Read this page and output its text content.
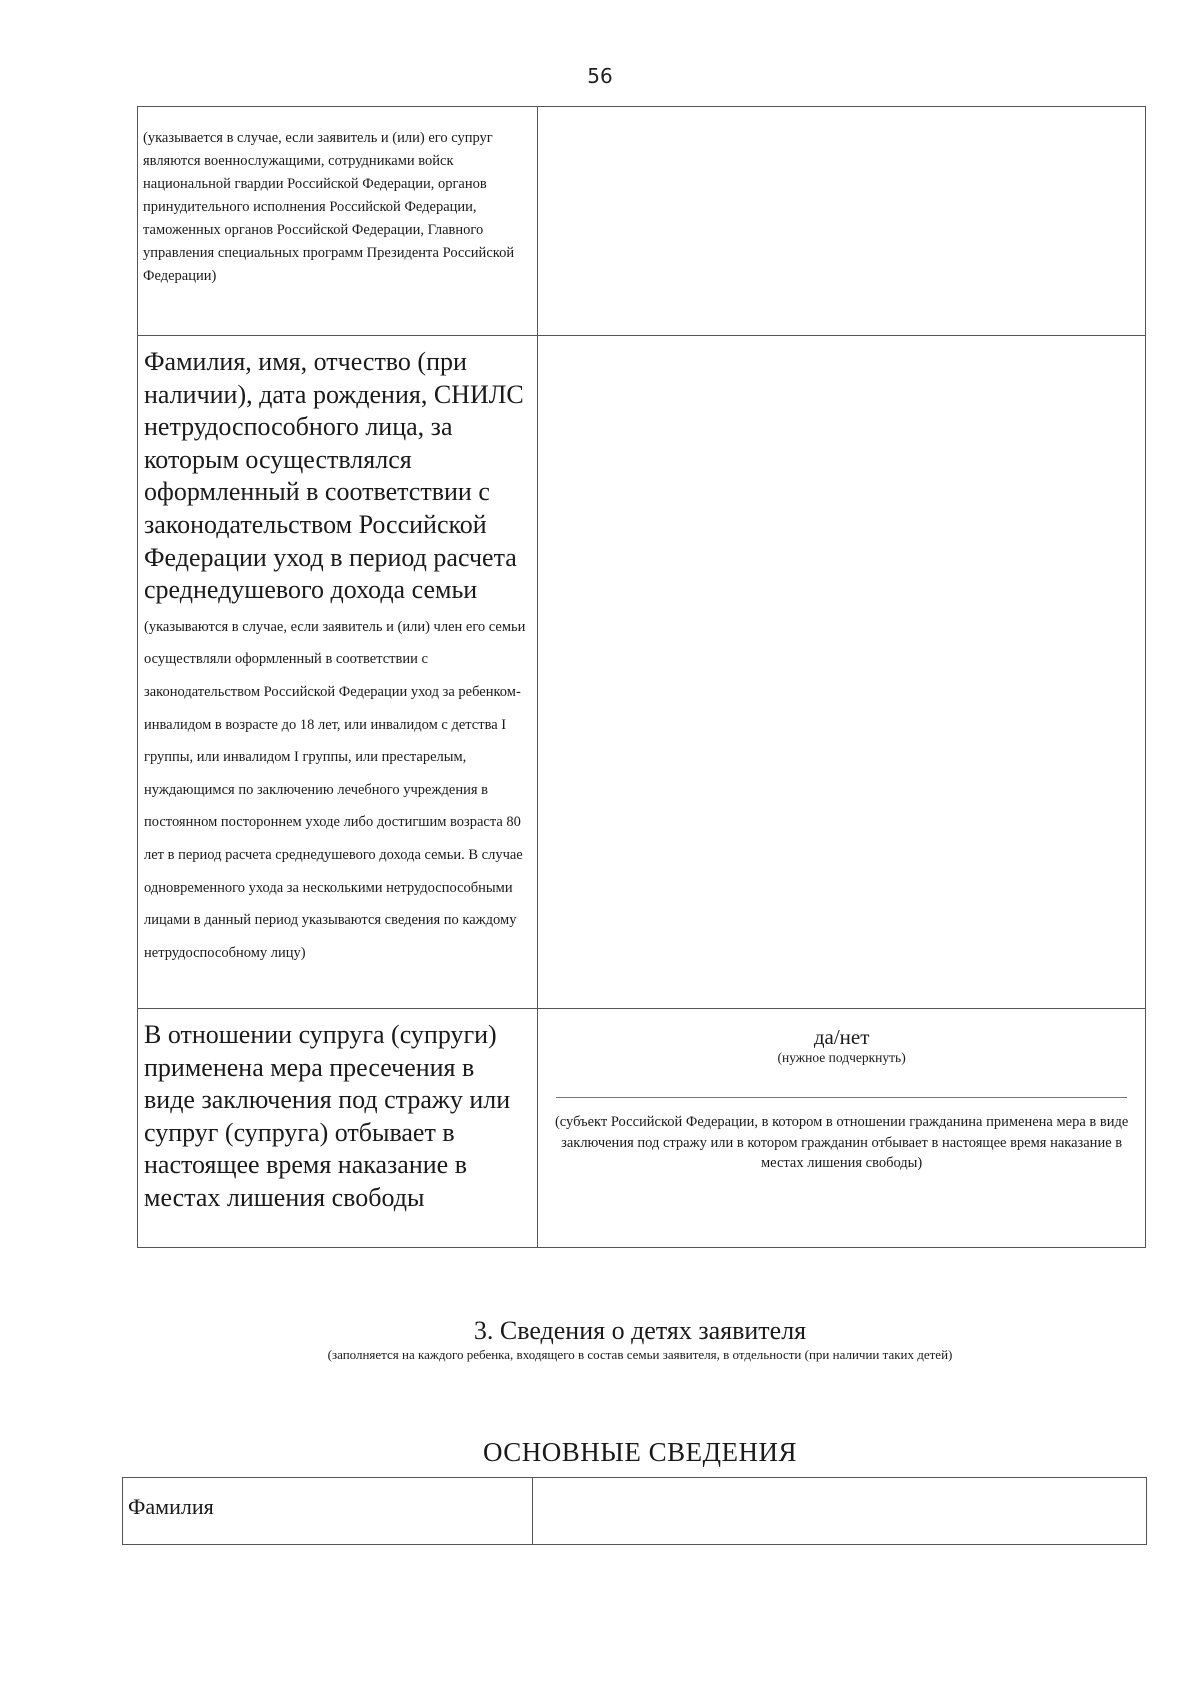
56
(указывается в случае, если заявитель и (или) его супруг являются военнослужащими, сотрудниками войск национальной гвардии Российской Федерации, органов принудительного исполнения Российской Федерации, таможенных органов Российской Федерации, Главного управления специальных программ Президента Российской Федерации)	

Фамилия, имя, отчество (при наличии), дата рождения, СНИЛС нетрудоспособного лица, за которым осуществлялся оформленный в соответствии с законодательством Российской Федерации уход в период расчета среднедушевого дохода семьи (указываются в случае, если заявитель и (или) член его семьи осуществляли оформленный в соответствии с законодательством Российской Федерации уход за ребенком-инвалидом в возрасте до 18 лет, или инвалидом с детства I группы, или инвалидом I группы, или престарелым, нуждающимся по заключению лечебного учреждения в постоянном постороннем уходе либо достигшим возраста 80 лет в период расчета среднедушевого дохода семьи. В случае одновременного ухода за несколькими нетрудоспособными лицами в данный период указываются сведения по каждому нетрудоспособному лицу)	

В отношении супруга (супруги) применена мера пресечения в виде заключения под стражу или супруг (супруга) отбывает в настоящее время наказание в местах лишения свободы	да/нет
(нужное подчеркнуть)
(субъект Российской Федерации, в котором в отношении гражданина применена мера в виде заключения под стражу или в котором гражданин отбывает в настоящее время наказание в местах лишения свободы)
3. Сведения о детях заявителя
(заполняется на каждого ребенка, входящего в состав семьи заявителя, в отдельности (при наличии таких детей)
ОСНОВНЫЕ СВЕДЕНИЯ
Фамилия	
